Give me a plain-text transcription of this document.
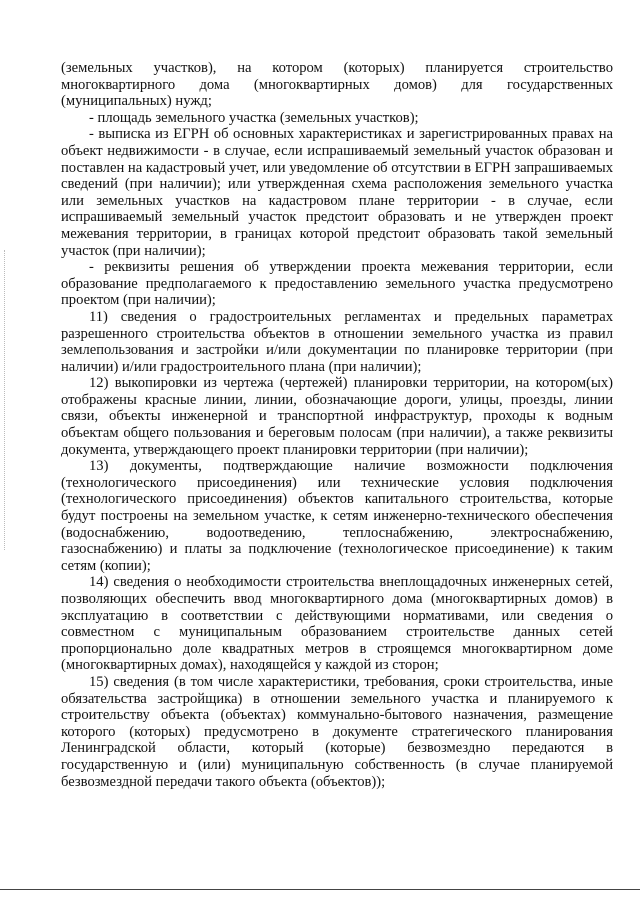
(земельных участков), на котором (которых) планируется строительство многоквартирного дома (многоквартирных домов) для государственных (муниципальных) нужд;

- площадь земельного участка (земельных участков);

- выписка из ЕГРН об основных характеристиках и зарегистрированных правах на объект недвижимости - в случае, если испрашиваемый земельный участок образован и поставлен на кадастровый учет, или уведомление об отсутствии в ЕГРН запрашиваемых сведений (при наличии); или утвержденная схема расположения земельного участка или земельных участков на кадастровом плане территории - в случае, если испрашиваемый земельный участок предстоит образовать и не утвержден проект межевания территории, в границах которой предстоит образовать такой земельный участок (при наличии);

- реквизиты решения об утверждении проекта межевания территории, если образование предполагаемого к предоставлению земельного участка предусмотрено проектом (при наличии);

11) сведения о градостроительных регламентах и предельных параметрах разрешенного строительства объектов в отношении земельного участка из правил землепользования и застройки и/или документации по планировке территории (при наличии) и/или градостроительного плана (при наличии);

12) выкопировки из чертежа (чертежей) планировки территории, на котором(ых) отображены красные линии, линии, обозначающие дороги, улицы, проезды, линии связи, объекты инженерной и транспортной инфраструктур, проходы к водным объектам общего пользования и береговым полосам (при наличии), а также реквизиты документа, утверждающего проект планировки территории (при наличии);

13) документы, подтверждающие наличие возможности подключения (технологического присоединения) или технические условия подключения (технологического присоединения) объектов капитального строительства, которые будут построены на земельном участке, к сетям инженерно-технического обеспечения (водоснабжению, водоотведению, теплоснабжению, электроснабжению, газоснабжению) и платы за подключение (технологическое присоединение) к таким сетям (копии);

14) сведения о необходимости строительства внеплощадочных инженерных сетей, позволяющих обеспечить ввод многоквартирного дома (многоквартирных домов) в эксплуатацию в соответствии с действующими нормативами, или сведения о совместном с муниципальным образованием строительстве данных сетей пропорционально доле квадратных метров в строящемся многоквартирном доме (многоквартирных домах), находящейся у каждой из сторон;

15) сведения (в том числе характеристики, требования, сроки строительства, иные обязательства застройщика) в отношении земельного участка и планируемого к строительству объекта (объектах) коммунально-бытового назначения, размещение которого (которых) предусмотрено в документе стратегического планирования Ленинградской области, который (которые) безвозмездно передаются в государственную и (или) муниципальную собственность (в случае планируемой безвозмездной передачи такого объекта (объектов));
